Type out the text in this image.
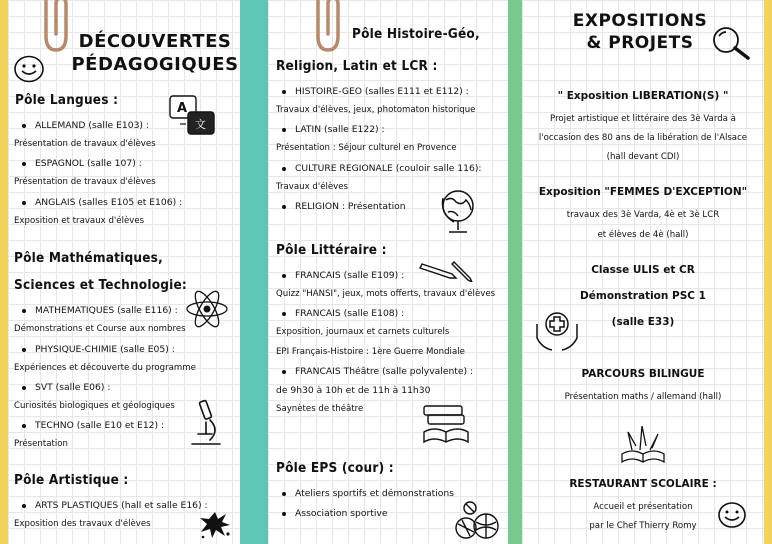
DÉCOUVERTES
PÉDAGOGIQUES
A
文
Pôle Langues :
ALLEMAND (salle E103) :
Présentation de travaux d'élèves
ESPAGNOL (salle 107) :
Présentation de travaux d'élèves
ANGLAIS (salles E105 et E106) :
Exposition et travaux d'élèves
Pôle Mathématiques,
Sciences et Technologie:
MATHEMATIQUES (salle E116) :
Démonstrations et Course aux nombres
PHYSIQUE-CHIMIE (salle E05) :
Expériences et découverte du programme
SVT (salle E06) :
Curiosités biologiques et géologiques
TECHNO (salle E10 et E12) :
Présentation
Pôle Artistique :
ARTS PLASTIQUES (hall et salle E16) :
Exposition des travaux d'élèves
Pôle Histoire-Géo,
Religion, Latin et LCR :
HISTOIRE-GEO (salles E111 et E112) :
Travaux d'élèves, jeux, photomaton historique
LATIN (salle E122) :
Présentation : Séjour culturel en Provence
CULTURE REGIONALE (couloir salle 116):
Travaux d'élèves
RELIGION : Présentation
Pôle Littéraire :
FRANCAIS (salle E109) :
Quizz "HANSI", jeux, mots offerts, travaux d'élèves
FRANCAIS (salle E108) :
Exposition, journaux et carnets culturels
EPI Français-Histoire : 1ère Guerre Mondiale
FRANCAIS Théâtre (salle polyvalente) :
de 9h30 à 10h et de 11h à 11h30
Saynètes de théâtre
Pôle EPS (cour) :
Ateliers sportifs et démonstrations
Association sportive
EXPOSITIONS
& PROJETS
" Exposition LIBERATION(S) "
Projet artistique et littéraire des 3è Varda à
l'occasion des 80 ans de la libération de l'Alsace
(hall devant CDI)
Exposition "FEMMES D'EXCEPTION"
travaux des 3è Varda, 4è et 3è LCR
et élèves de 4è (hall)
Classe ULIS et CR
Démonstration PSC 1
(salle E33)
PARCOURS BILINGUE
Présentation maths / allemand (hall)
RESTAURANT SCOLAIRE :
Accueil et présentation
par le Chef Thierry Romy
